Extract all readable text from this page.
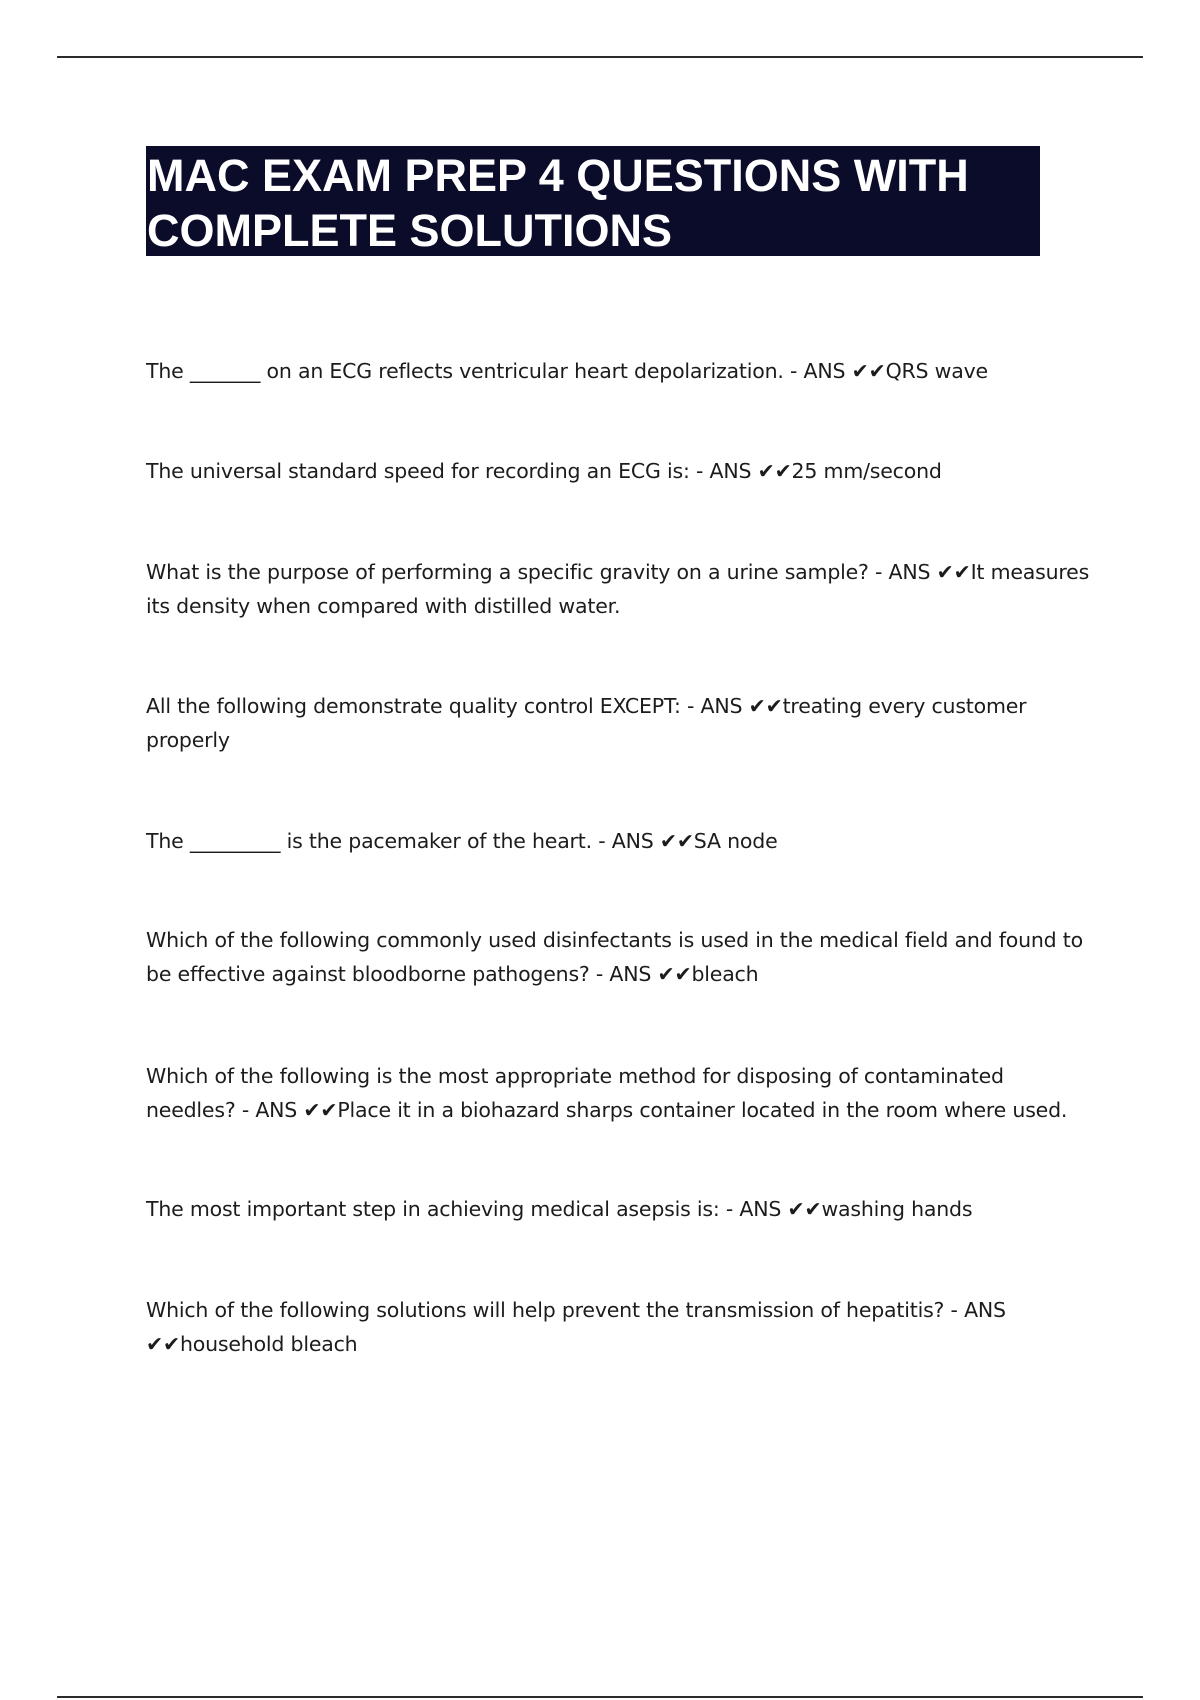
MAC EXAM PREP 4 QUESTIONS WITH COMPLETE SOLUTIONS

The _______ on an ECG reflects ventricular heart depolarization. - ANS ✔✔QRS wave

The universal standard speed for recording an ECG is: - ANS ✔✔25 mm/second

What is the purpose of performing a specific gravity on a urine sample? - ANS ✔✔It measures its density when compared with distilled water.

All the following demonstrate quality control EXCEPT: - ANS ✔✔treating every customer properly

The _________ is the pacemaker of the heart. - ANS ✔✔SA node

Which of the following commonly used disinfectants is used in the medical field and found to be effective against bloodborne pathogens? - ANS ✔✔bleach

Which of the following is the most appropriate method for disposing of contaminated needles? - ANS ✔✔Place it in a biohazard sharps container located in the room where used.

The most important step in achieving medical asepsis is: - ANS ✔✔washing hands

Which of the following solutions will help prevent the transmission of hepatitis? - ANS ✔✔household bleach
